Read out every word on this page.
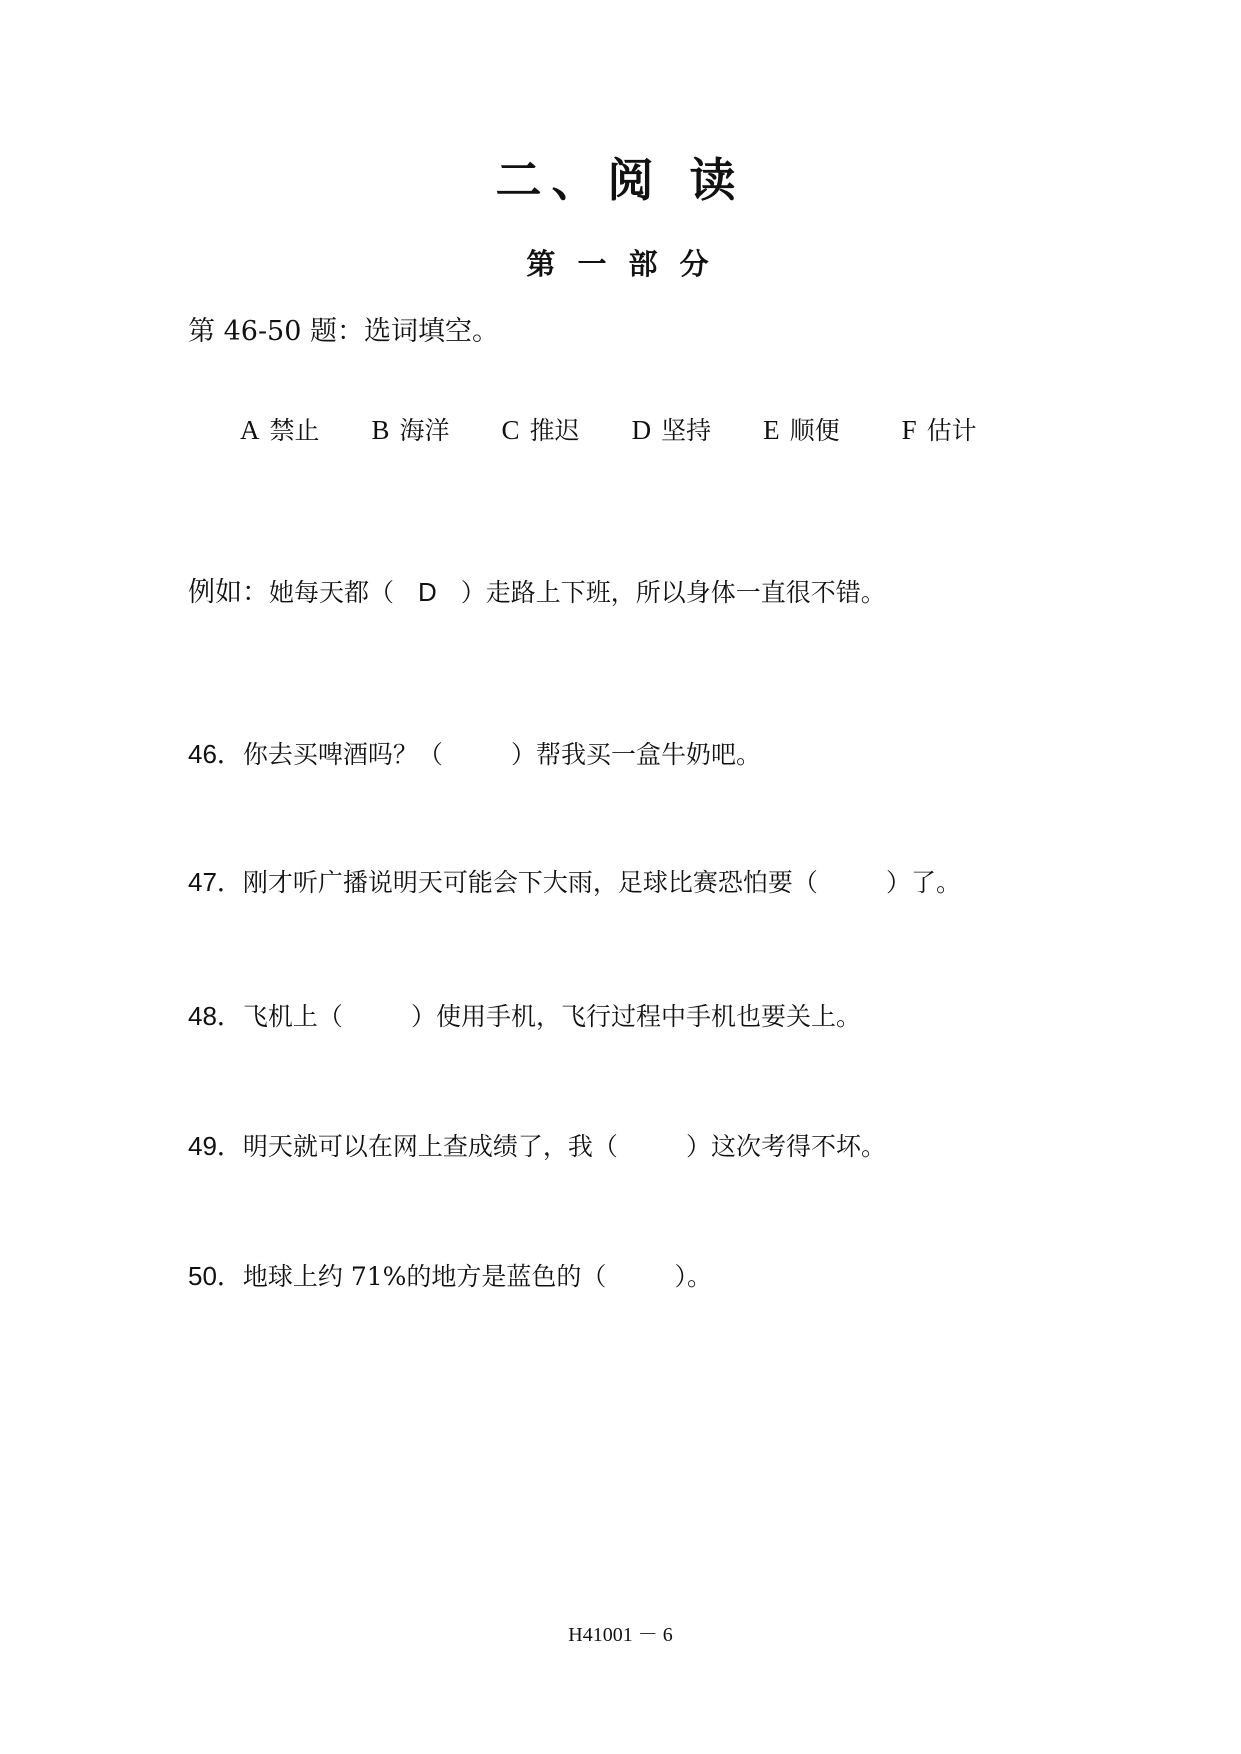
二、阅 读
第 一 部 分
第 46-50 题：选词填空。
A 禁止 B 海洋 C 推迟 D 坚持 E 顺便 F 估计
例如：她每天都（ D ）走路上下班，所以身体一直很不错。
46．你去买啤酒吗？（	）帮我买一盒牛奶吧。
47．刚才听广播说明天可能会下大雨，足球比赛恐怕要（	）了。
48．飞机上（	）使用手机，飞行过程中手机也要关上。
49．明天就可以在网上查成绩了，我（	）这次考得不坏。
50．地球上约 71%的地方是蓝色的（	）。
H41001 － 6
